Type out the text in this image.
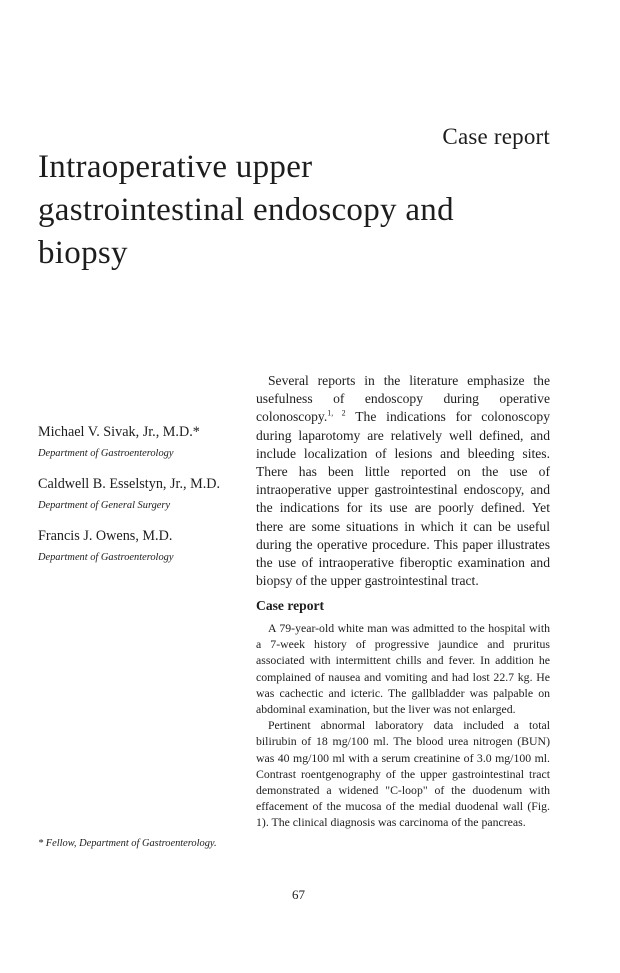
Case report
Intraoperative upper gastrointestinal endoscopy and biopsy

Michael V. Sivak, Jr., M.D.*

Department of Gastroenterology

Caldwell B. Esselstyn, Jr., M.D.

Department of General Surgery

Francis J. Owens, M.D.

Department of Gastroenterology

* Fellow, Department of Gastroenterology.
Several reports in the literature emphasize the usefulness of endoscopy during operative colonoscopy.$^{1, 2}$ The indications for colonoscopy during laparotomy are relatively well defined, and include localization of lesions and bleeding sites. There has been little reported on the use of intraoperative upper gastrointestinal endoscopy, and the indications for its use are poorly defined. Yet there are some situations in which it can be useful during the operative procedure. This paper illustrates the use of intraoperative fiberoptic examination and biopsy of the upper gastrointestinal tract.
Case report

A 79-year-old white man was admitted to the hospital with a 7-week history of progressive jaundice and pruritus associated with intermittent chills and fever. In addition he complained of nausea and vomiting and had lost 22.7 kg. He was cachectic and icteric. The gallbladder was palpable on abdominal examination, but the liver was not enlarged.

Pertinent abnormal laboratory data included a total bilirubin of 18 mg/100 ml. The blood urea nitrogen (BUN) was 40 mg/100 ml with a serum creatinine of 3.0 mg/100 ml. Contrast roentgenography of the upper gastrointestinal tract demonstrated a widened "C-loop" of the duodenum with effacement of the mucosa of the medial duodenal wall (Fig. 1). The clinical diagnosis was carcinoma of the pancreas.

67
